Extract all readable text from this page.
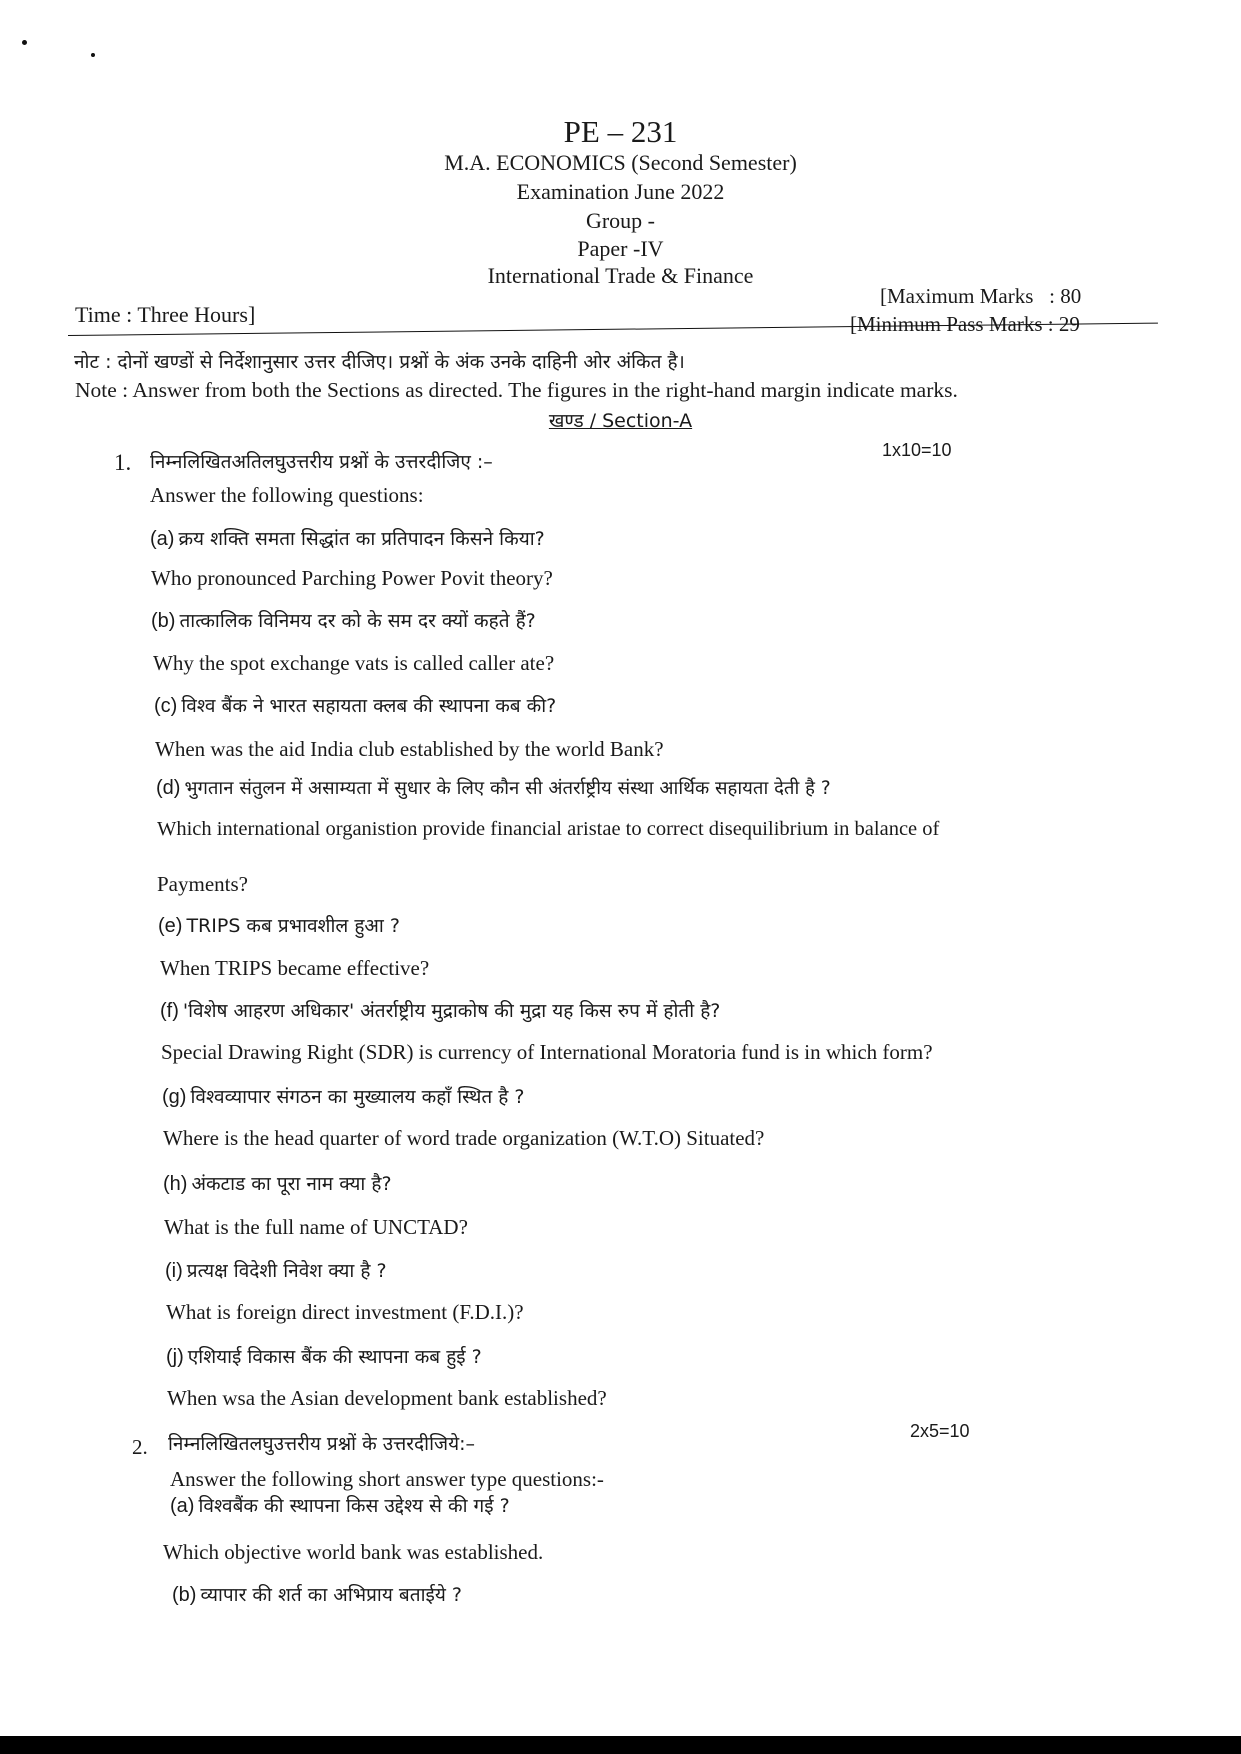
PE – 231
M.A. ECONOMICS (Second Semester)
Examination June 2022
Group -
Paper -IV
International Trade & Finance
Time : Three Hours]
[Maximum Marks   : 80
[Minimum Pass Marks : 29
नोट : दोनों खण्डों से निर्देशानुसार उत्तर दीजिए। प्रश्नों के अंक उनके दाहिनी ओर अंकित है।
Note : Answer from both the Sections as directed. The figures in the right-hand margin indicate marks.
खण्ड / Section-A
1. निम्नलिखितअतिलघुउत्तरीय प्रश्नों के उत्तरदीजिए :–
1x10=10
Answer the following questions:
(a) क्रय शक्ति समता सिद्धांत का प्रतिपादन किसने किया?
Who pronounced Parching Power Povit theory?
(b) तात्कालिक विनिमय दर को के सम दर क्यों कहते हैं?
Why the spot exchange vats is called caller ate?
(c) विश्व बैंक ने भारत सहायता क्लब की स्थापना कब की?
When was the aid India club established by the world Bank?
(d) भुगतान संतुलन में असाम्यता में सुधार के लिए कौन सी अंतर्राष्ट्रीय संस्था आर्थिक सहायता देती है ?
Which international organistion provide financial aristae to correct disequilibrium in balance of
Payments?
(e) TRIPS कब प्रभावशील हुआ ?
When TRIPS became effective?
(f) 'विशेष आहरण अधिकार' अंतर्राष्ट्रीय मुद्राकोष की मुद्रा यह किस रुप में होती है?
Special Drawing Right (SDR) is currency of International Moratoria fund is in which form?
(g) विश्वव्यापार संगठन का मुख्यालय कहाँ स्थित है ?
Where is the head quarter of word trade organization (W.T.O) Situated?
(h) अंकटाड का पूरा नाम क्या है?
What is the full name of UNCTAD?
(i) प्रत्यक्ष विदेशी निवेश क्या है ?
What is foreign direct investment (F.D.I.)?
(j) एशियाई विकास बैंक की स्थापना कब हुई ?
When wsa the Asian development bank established?
2. निम्नलिखितलघुउत्तरीय प्रश्नों के उत्तरदीजिये:–
2x5=10
Answer the following short answer type questions:-
(a) विश्वबैंक की स्थापना किस उद्देश्य से की गई ?
Which objective world bank was established.
(b) व्यापार की शर्त का अभिप्राय बताईये ?
